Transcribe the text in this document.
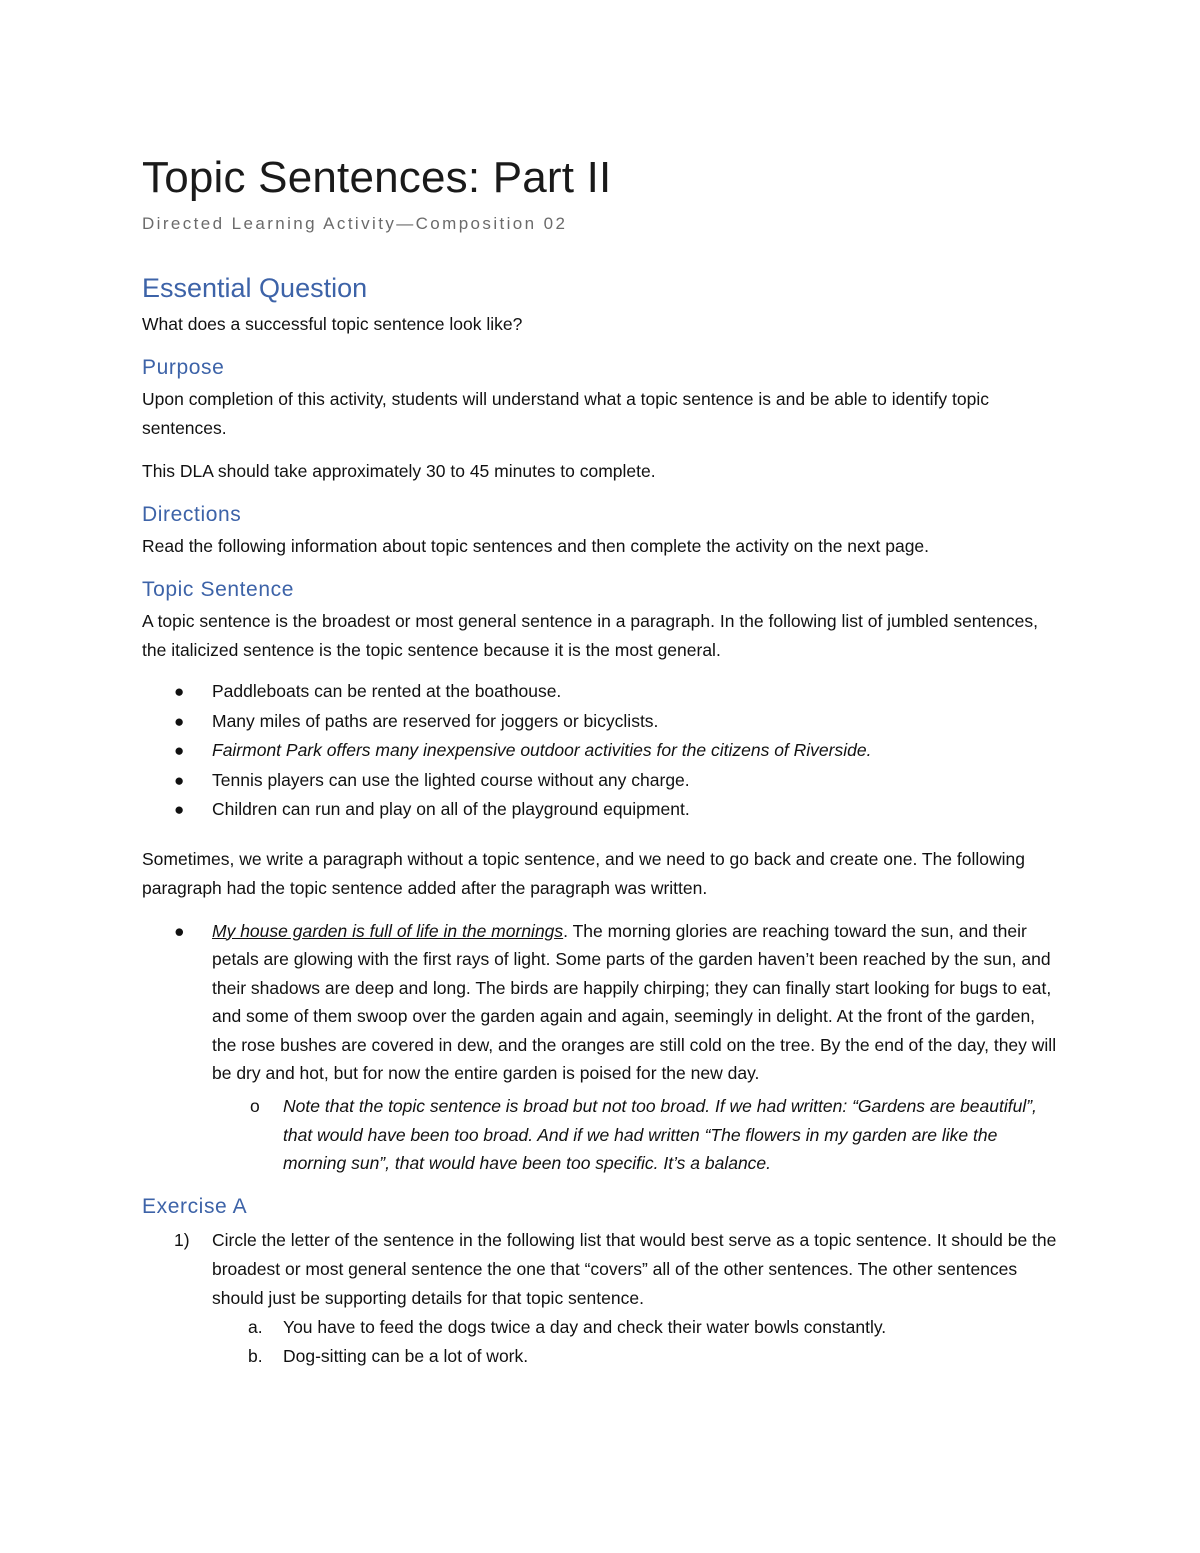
Topic Sentences: Part II
Directed Learning Activity—Composition 02
Essential Question

What does a successful topic sentence look like?

Purpose

Upon completion of this activity, students will understand what a topic sentence is and be able to identify topic sentences.

This DLA should take approximately 30 to 45 minutes to complete.

Directions

Read the following information about topic sentences and then complete the activity on the next page.

Topic Sentence

A topic sentence is the broadest or most general sentence in a paragraph. In the following list of jumbled sentences, the italicized sentence is the topic sentence because it is the most general.

● Paddleboats can be rented at the boathouse.
● Many miles of paths are reserved for joggers or bicyclists.
● Fairmont Park offers many inexpensive outdoor activities for the citizens of Riverside.
● Tennis players can use the lighted course without any charge.
● Children can run and play on all of the playground equipment.

Sometimes, we write a paragraph without a topic sentence, and we need to go back and create one. The following paragraph had the topic sentence added after the paragraph was written.

● My house garden is full of life in the mornings. The morning glories are reaching toward the sun, and their petals are glowing with the first rays of light. Some parts of the garden haven’t been reached by the sun, and their shadows are deep and long. The birds are happily chirping; they can finally start looking for bugs to eat, and some of them swoop over the garden again and again, seemingly in delight. At the front of the garden, the rose bushes are covered in dew, and the oranges are still cold on the tree. By the end of the day, they will be dry and hot, but for now the entire garden is poised for the new day.
o Note that the topic sentence is broad but not too broad. If we had written: “Gardens are beautiful”, that would have been too broad. And if we had written “The flowers in my garden are like the morning sun”, that would have been too specific. It’s a balance.
Exercise A
1) Circle the letter of the sentence in the following list that would best serve as a topic sentence. It should be the broadest or most general sentence the one that “covers” all of the other sentences. The other sentences should just be supporting details for that topic sentence.
a. You have to feed the dogs twice a day and check their water bowls constantly.
b. Dog-sitting can be a lot of work.
